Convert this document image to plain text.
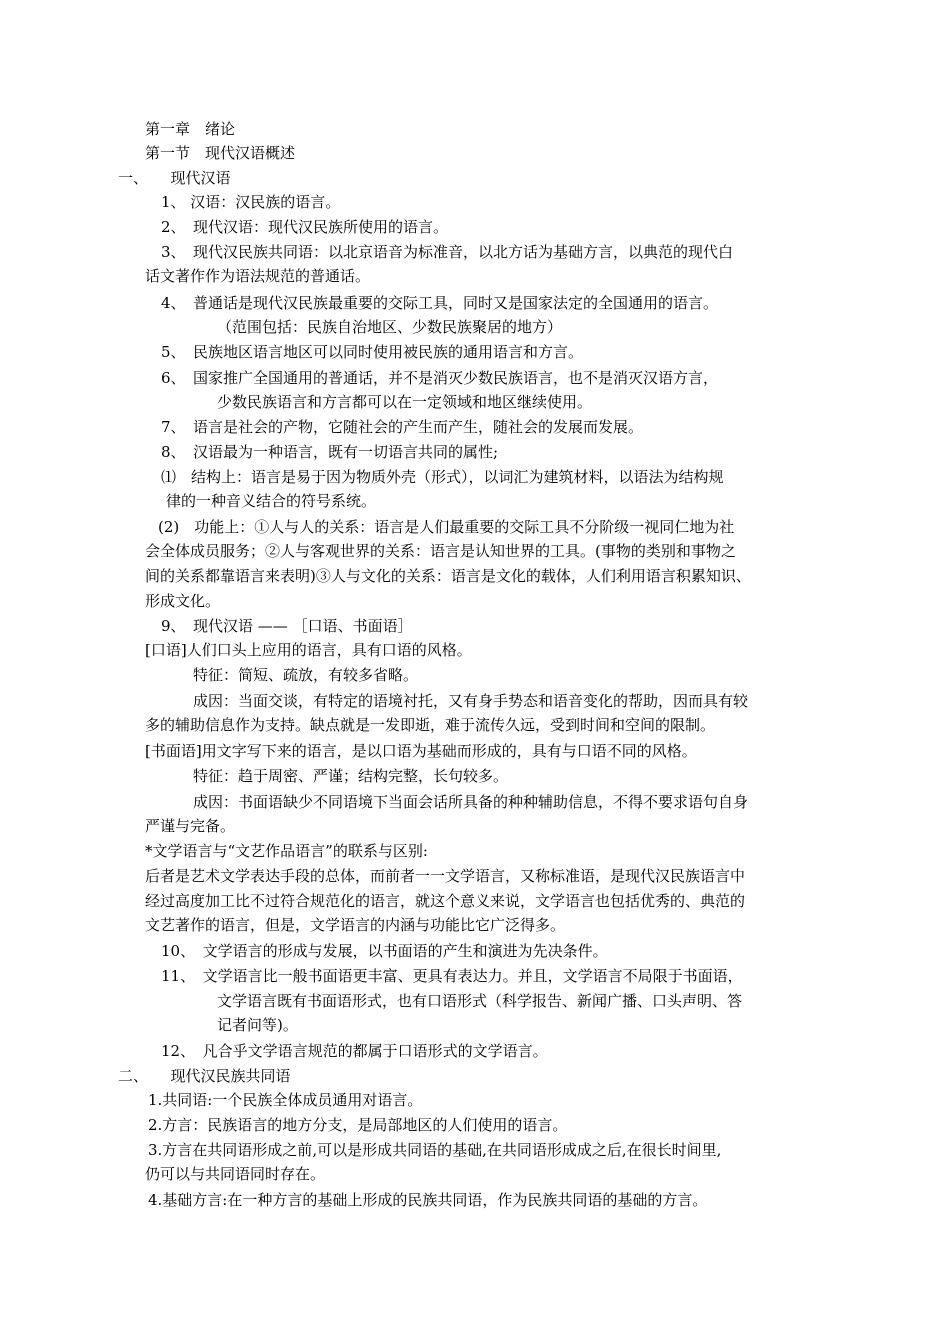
第一章　绪论
第一节　现代汉语概述
一、　　现代汉语
1、 汉语：汉民族的语言。
2、　现代汉语：现代汉民族所使用的语言。
3、　现代汉民族共同语：以北京语音为标准音，以北方话为基础方言，以典范的现代白
话文著作作为语法规范的普通话。
4、　普通话是现代汉民族最重要的交际工具，同时又是国家法定的全国通用的语言。
（范围包括：民族自治地区、少数民族聚居的地方）
5、　民族地区语言地区可以同时使用被民族的通用语言和方言。
6、　国家推广全国通用的普通话，并不是消灭少数民族语言，也不是消灭汉语方言，
少数民族语言和方言都可以在一定领域和地区继续使用。
7、　语言是社会的产物，它随社会的产生而产生，随社会的发展而发展。
8、　汉语最为一种语言，既有一切语言共同的属性;
⑴　结构上：语言是易于因为物质外壳（形式），以词汇为建筑材料，以语法为结构规
律的一种音义结合的符号系统。
(2)　功能上：①人与人的关系：语言是人们最重要的交际工具不分阶级一视同仁地为社
会全体成员服务；②人与客观世界的关系：语言是认知世界的工具。(事物的类别和事物之
间的关系都靠语言来表明)③人与文化的关系：语言是文化的载体，人们利用语言积累知识、
形成文化。
9、　现代汉语 —— ［口语、书面语］
[口语]人们口头上应用的语言，具有口语的风格。
特征：简短、疏放，有较多省略。
成因：当面交谈，有特定的语境衬托，又有身手势态和语音变化的帮助，因而具有较
多的辅助信息作为支持。缺点就是一发即逝，难于流传久远，受到时间和空间的限制。
[书面语]用文字写下来的语言，是以口语为基础而形成的，具有与口语不同的风格。
特征：趋于周密、严谨；结构完整，长句较多。
成因：书面语缺少不同语境下当面会话所具备的种种辅助信息，不得不要求语句自身
严谨与完备。
*文学语言与“文艺作品语言”的联系与区别:
后者是艺术文学表达手段的总体，而前者一一文学语言，又称标准语，是现代汉民族语言中
经过高度加工比不过符合规范化的语言，就这个意义来说，文学语言也包括优秀的、典范的
文艺著作的语言，但是，文学语言的内涵与功能比它广泛得多。
10、　文学语言的形成与发展，以书面语的产生和演进为先决条件。
11、　文学语言比一般书面语更丰富、更具有表达力。并且，文学语言不局限于书面语，
文学语言既有书面语形式，也有口语形式（科学报告、新闻广播、口头声明、答
记者问等)。
12、　凡合乎文学语言规范的都属于口语形式的文学语言。
二、　　现代汉民族共同语
1.共同语:一个民族全体成员通用对语言。
2.方言：民族语言的地方分支，是局部地区的人们使用的语言。
3.方言在共同语形成之前,可以是形成共同语的基础,在共同语形成成之后,在很长时间里,
仍可以与共同语同时存在。
4.基础方言:在一种方言的基础上形成的民族共同语，作为民族共同语的基础的方言。
